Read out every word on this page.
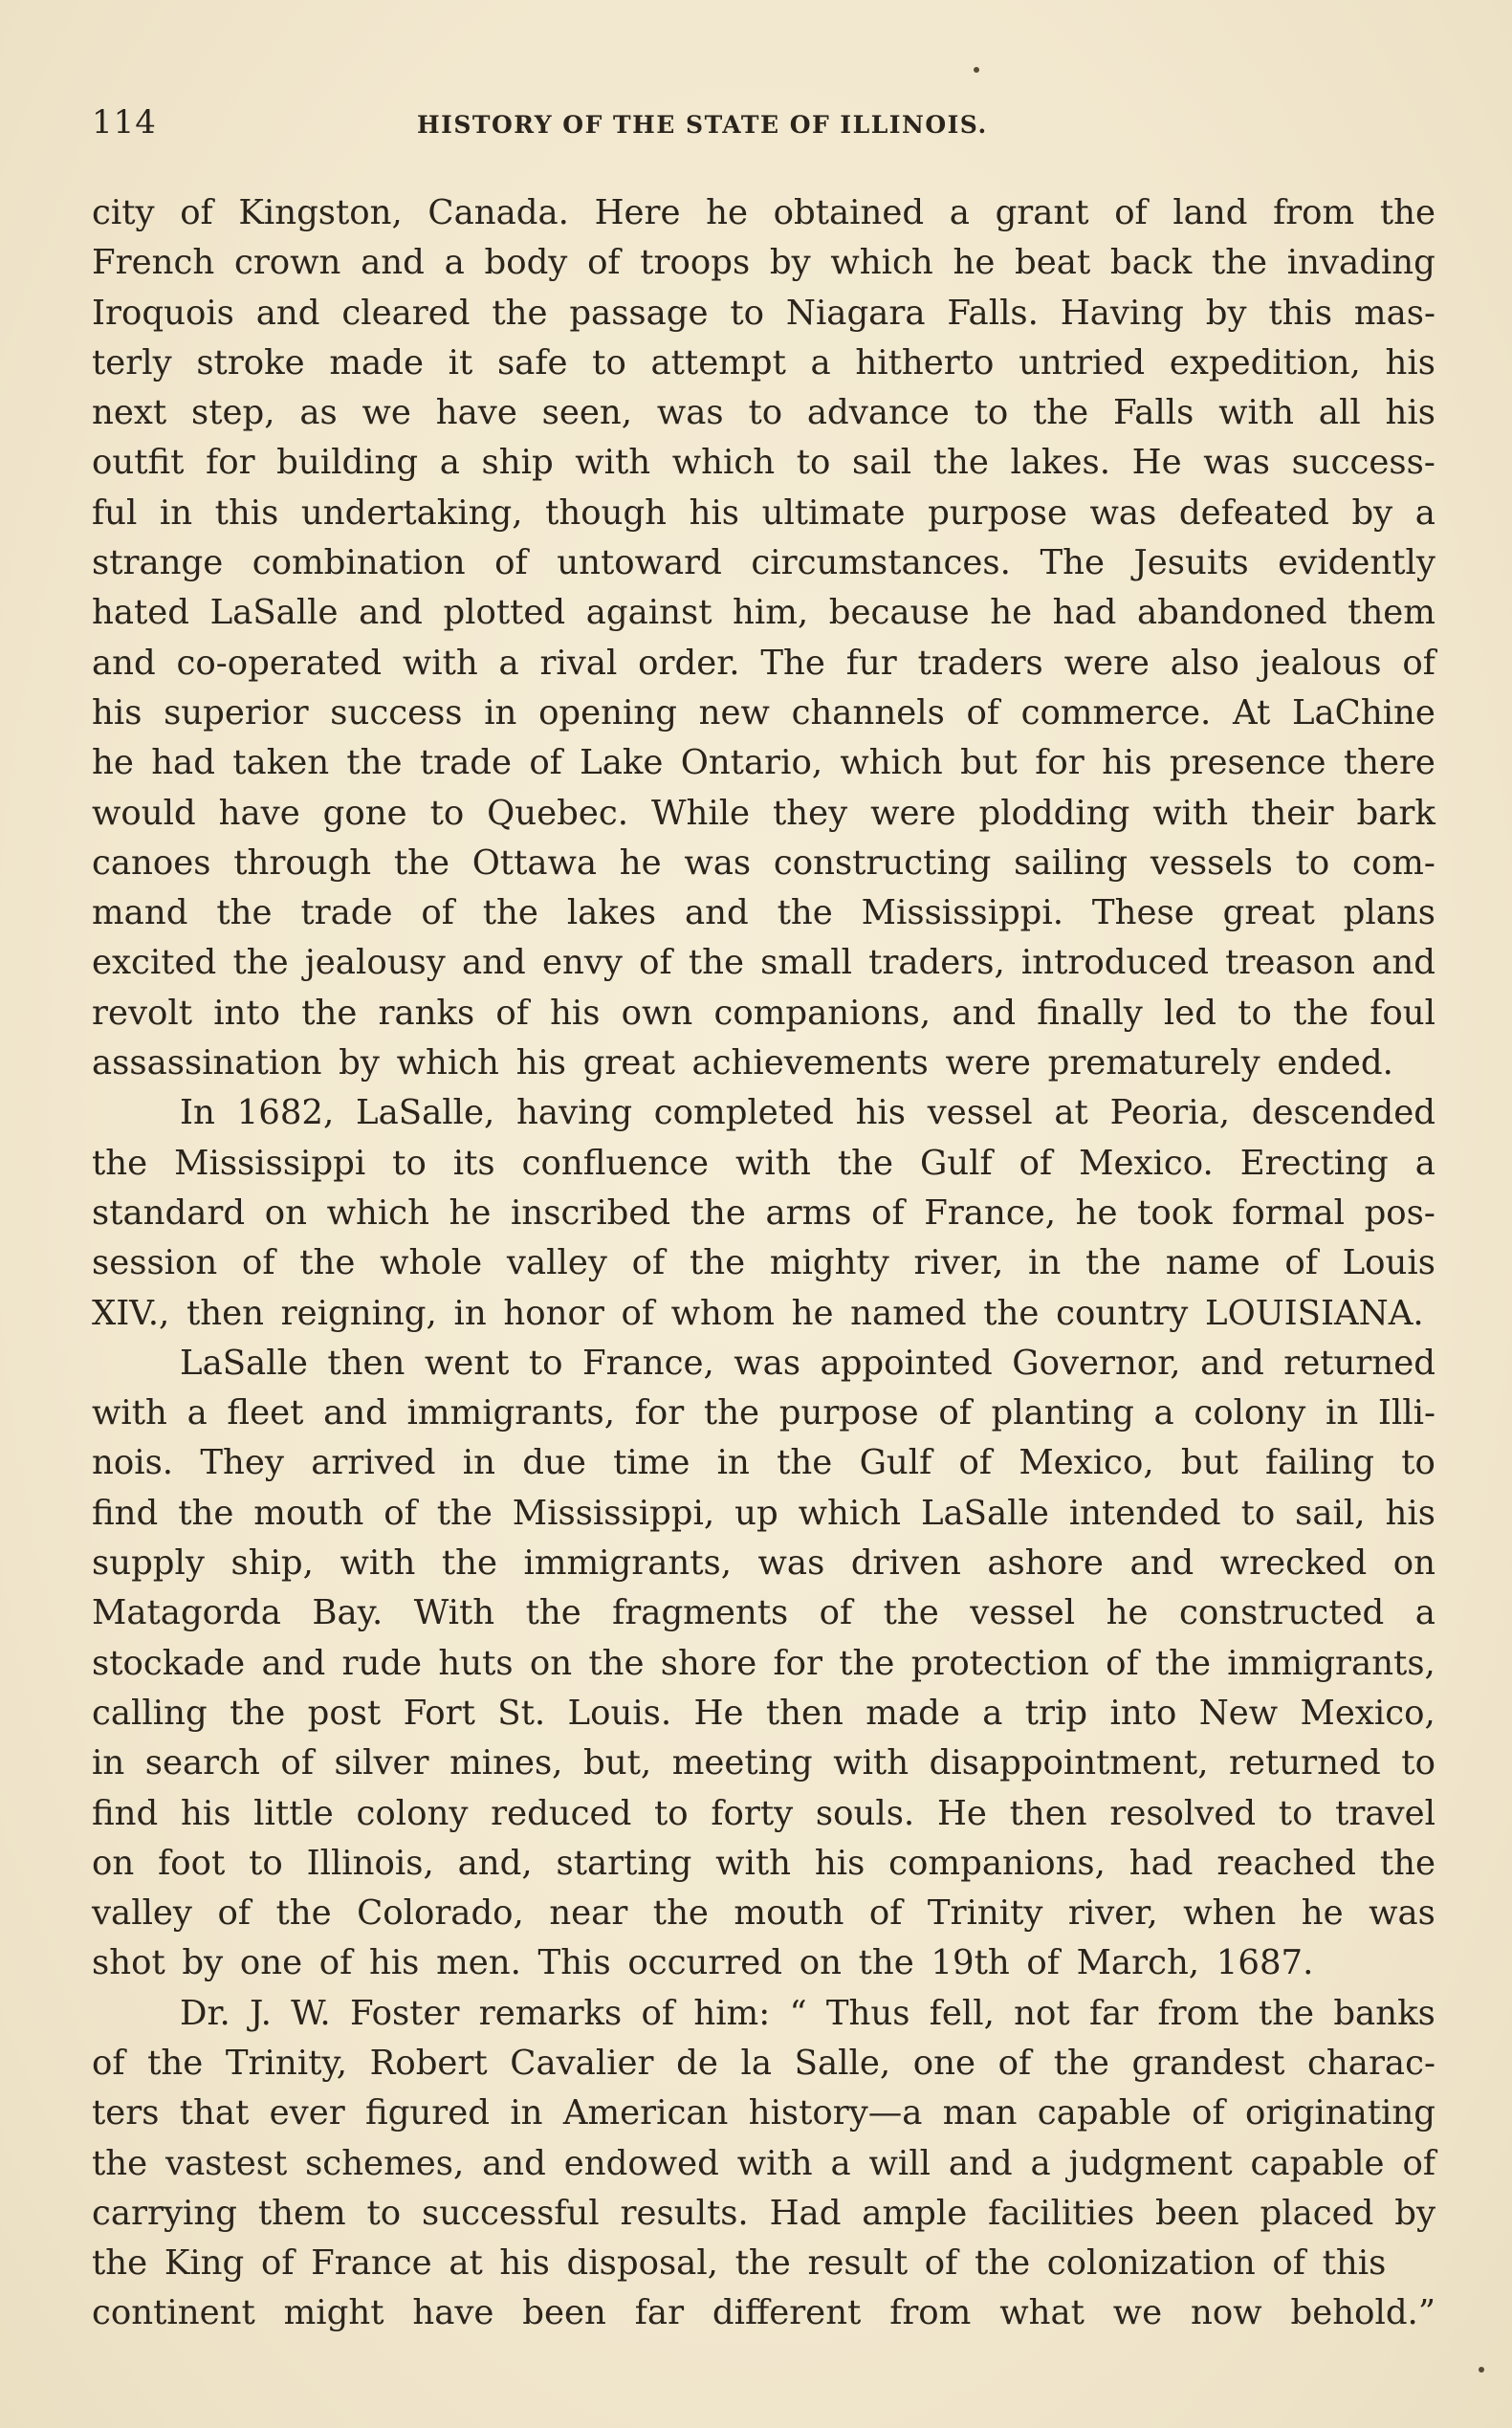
114	HISTORY OF THE STATE OF ILLINOIS.
city of Kingston, Canada. Here he obtained a grant of land from the
French crown and a body of troops by which he beat back the invading
Iroquois and cleared the passage to Niagara Falls. Having by this mas-
terly stroke made it safe to attempt a hitherto untried expedition, his
next step, as we have seen, was to advance to the Falls with all his
outfit for building a ship with which to sail the lakes. He was success-
ful in this undertaking, though his ultimate purpose was defeated by a
strange combination of untoward circumstances. The Jesuits evidently
hated LaSalle and plotted against him, because he had abandoned them
and co-operated with a rival order. The fur traders were also jealous of
his superior success in opening new channels of commerce. At LaChine
he had taken the trade of Lake Ontario, which but for his presence there
would have gone to Quebec. While they were plodding with their bark
canoes through the Ottawa he was constructing sailing vessels to com-
mand the trade of the lakes and the Mississippi. These great plans
excited the jealousy and envy of the small traders, introduced treason and
revolt into the ranks of his own companions, and finally led to the foul
assassination by which his great achievements were prematurely ended.
In 1682, LaSalle, having completed his vessel at Peoria, descended
the Mississippi to its confluence with the Gulf of Mexico. Erecting a
standard on which he inscribed the arms of France, he took formal pos-
session of the whole valley of the mighty river, in the name of Louis
XIV., then reigning, in honor of whom he named the country LOUISIANA.
LaSalle then went to France, was appointed Governor, and returned
with a fleet and immigrants, for the purpose of planting a colony in Illi-
nois. They arrived in due time in the Gulf of Mexico, but failing to
find the mouth of the Mississippi, up which LaSalle intended to sail, his
supply ship, with the immigrants, was driven ashore and wrecked on
Matagorda Bay. With the fragments of the vessel he constructed a
stockade and rude huts on the shore for the protection of the immigrants,
calling the post Fort St. Louis. He then made a trip into New Mexico,
in search of silver mines, but, meeting with disappointment, returned to
find his little colony reduced to forty souls. He then resolved to travel
on foot to Illinois, and, starting with his companions, had reached the
valley of the Colorado, near the mouth of Trinity river, when he was
shot by one of his men. This occurred on the 19th of March, 1687.
Dr. J. W. Foster remarks of him: “ Thus fell, not far from the banks
of the Trinity, Robert Cavalier de la Salle, one of the grandest charac-
ters that ever figured in American history—a man capable of originating
the vastest schemes, and endowed with a will and a judgment capable of
carrying them to successful results. Had ample facilities been placed by
the King of France at his disposal, the result of the colonization of this
continent might have been far different from what we now behold.”
